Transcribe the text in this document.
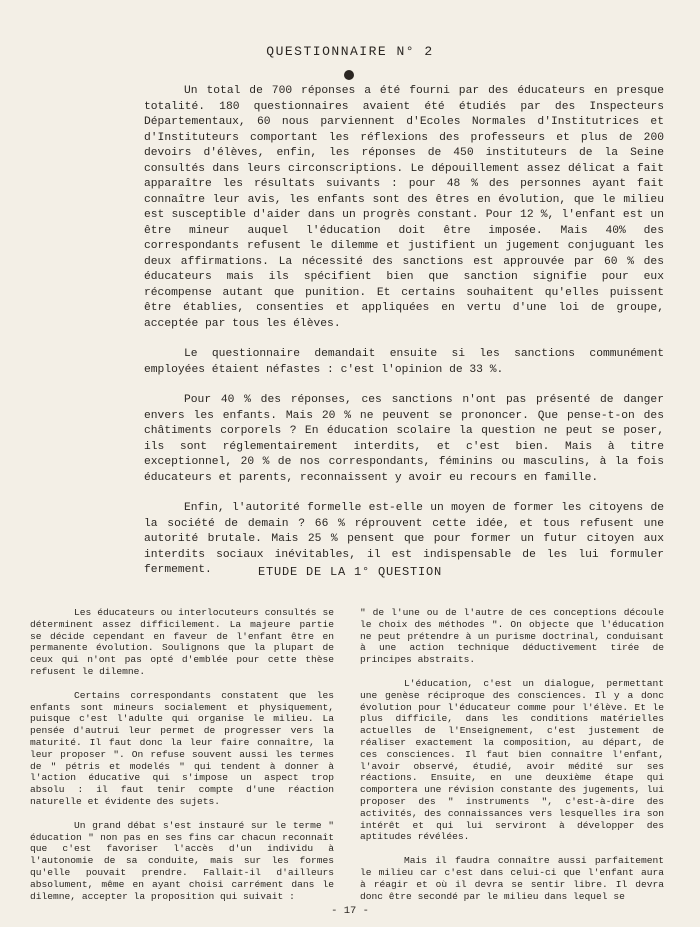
QUESTIONNAIRE N° 2

Un total de 700 réponses a été fourni par des éducateurs en presque totalité. 180 questionnaires avaient été étudiés par des Inspecteurs Départementaux, 60 nous parviennent d'Ecoles Normales d'Institutrices et d'Instituteurs comportant les réflexions des professeurs et plus de 200 devoirs d'élèves, enfin, les réponses de 450 instituteurs de la Seine consultés dans leurs circonscriptions. Le dépouillement assez délicat a fait apparaître les résultats suivants : pour 48 % des personnes ayant fait connaître leur avis, les enfants sont des êtres en évolution, que le milieu est susceptible d'aider dans un progrès constant. Pour 12 %, l'enfant est un être mineur auquel l'éducation doit être imposée. Mais 40% des correspondants refusent le dilemme et justifient un jugement conjuguant les deux affirmations. La nécessité des sanctions est approuvée par 60 % des éducateurs mais ils spécifient bien que sanction signifie pour eux récompense autant que punition. Et certains souhaitent qu'elles puissent être établies, consenties et appliquées en vertu d'une loi de groupe, acceptée par tous les élèves.

Le questionnaire demandait ensuite si les sanctions communément employées étaient néfastes : c'est l'opinion de 33 %.

Pour 40 % des réponses, ces sanctions n'ont pas présenté de danger envers les enfants. Mais 20 % ne peuvent se prononcer. Que pense-t-on des châtiments corporels ? En éducation scolaire la question ne peut se poser, ils sont réglementairement interdits, et c'est bien. Mais à titre exceptionnel, 20 % de nos correspondants, féminins ou masculins, à la fois éducateurs et parents, reconnaissent y avoir eu recours en famille.

Enfin, l'autorité formelle est-elle un moyen de former les citoyens de la société de demain ? 66 % réprouvent cette idée, et tous refusent une autorité brutale. Mais 25 % pensent que pour former un futur citoyen aux interdits sociaux inévitables, il est indispensable de les lui formuler fermement.	ETUDE DE LA 1° QUESTION

Les éducateurs ou interlocuteurs consultés se déterminent assez difficilement. La majeure partie se décide cependant en faveur de l'enfant être en permanente évolution. Soulignons que la plupart de ceux qui n'ont pas opté d'emblée pour cette thèse refusent le dilemne.

Certains correspondants constatent que les enfants sont mineurs socialement et physiquement, puisque c'est l'adulte qui organise le milieu. La pensée d'autrui leur permet de progresser vers la maturité. Il faut donc la leur faire connaître, la leur proposer ". On refuse souvent aussi les termes de " pétris et modelés " qui tendent à donner à l'action éducative qui s'impose un aspect trop absolu : il faut tenir compte d'une réaction naturelle et évidente des sujets.

Un grand débat s'est instauré sur le terme " éducation " non pas en ses fins car chacun reconnaît que c'est favoriser l'accès d'un individu à l'autonomie de sa conduite, mais sur les formes qu'elle pouvait prendre. Fallait-il d'ailleurs absolument, même en ayant choisi carrément dans le dilemne, accepter la proposition qui suivait :

" de l'une ou de l'autre de ces conceptions découle le choix des méthodes ". On objecte que l'éducation ne peut prétendre à un purisme doctrinal, conduisant à une action technique déductivement tirée de principes abstraits.

L'éducation, c'est un dialogue, permettant une genèse réciproque des consciences. Il y a donc évolution pour l'éducateur comme pour l'élève. Et le plus difficile, dans les conditions matérielles actuelles de l'Enseignement, c'est justement de réaliser exactement la composition, au départ, de ces consciences. Il faut bien connaître l'enfant, l'avoir observé, étudié, avoir médité sur ses réactions. Ensuite, en une deuxième étape qui comportera une révision constante des jugements, lui proposer des " instruments ", c'est-à-dire des activités, des connaissances vers lesquelles ira son intérêt et qui lui serviront à développer des aptitudes révélées.

Mais il faudra connaître aussi parfaitement le milieu car c'est dans celui-ci que l'enfant aura à réagir et où il devra se sentir libre. Il devra donc être secondé par le milieu dans lequel se

- 17 -
